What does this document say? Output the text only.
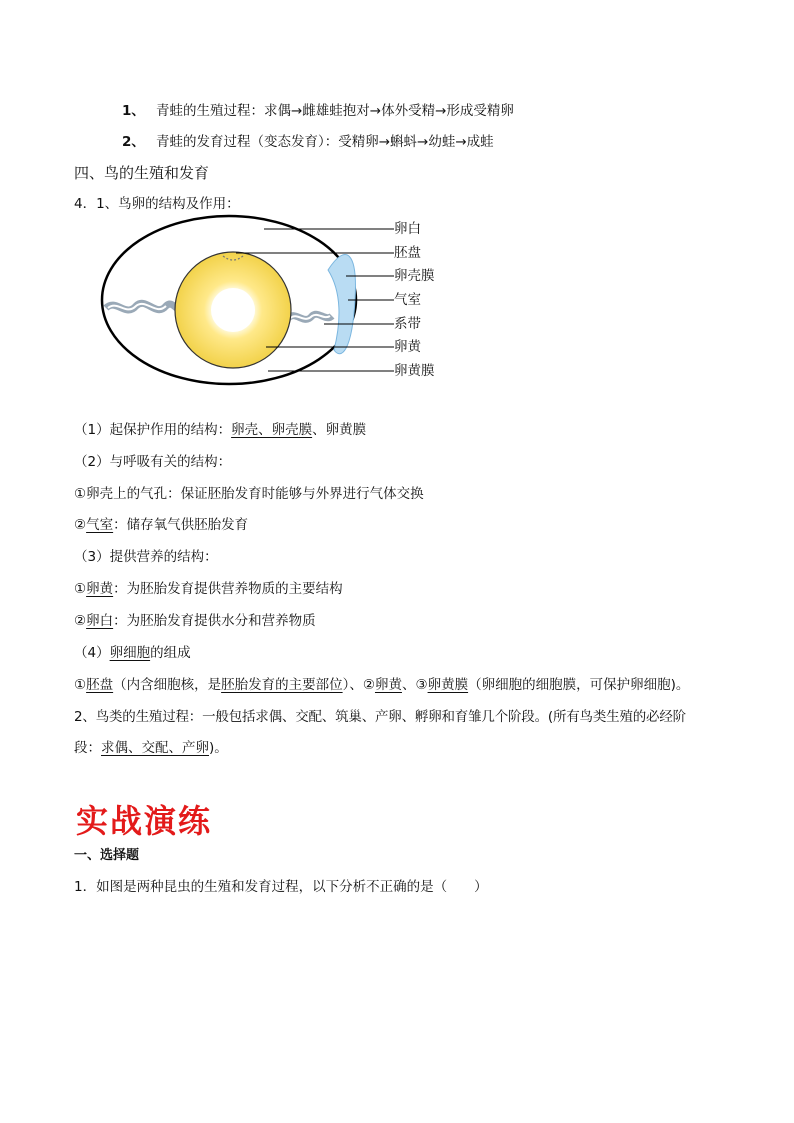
1、 青蛙的生殖过程：求偶→雌雄蛙抱对→体外受精→形成受精卵
2、 青蛙的发育过程（变态发育）：受精卵→蝌蚪→幼蛙→成蛙
四、鸟的生殖和发育
4．1、鸟卵的结构及作用：
卵白
胚盘
卵壳膜
气室
系带
卵黄
卵黄膜
（1）起保护作用的结构：卵壳、卵壳膜、卵黄膜
（2）与呼吸有关的结构：
①卵壳上的气孔：保证胚胎发育时能够与外界进行气体交换
②气室：储存氧气供胚胎发育
（3）提供营养的结构：
①卵黄：为胚胎发育提供营养物质的主要结构
②卵白：为胚胎发育提供水分和营养物质
（4）卵细胞的组成
①胚盘（内含细胞核，是胚胎发育的主要部位）、②卵黄、③卵黄膜（卵细胞的细胞膜，可保护卵细胞)。
2、鸟类的生殖过程：一般包括求偶、交配、筑巢、产卵、孵卵和育雏几个阶段。(所有鸟类生殖的必经阶
段：求偶、交配、产卵)。
实战演练
一、选择题
1．如图是两种昆虫的生殖和发育过程，以下分析不正确的是（　　）
